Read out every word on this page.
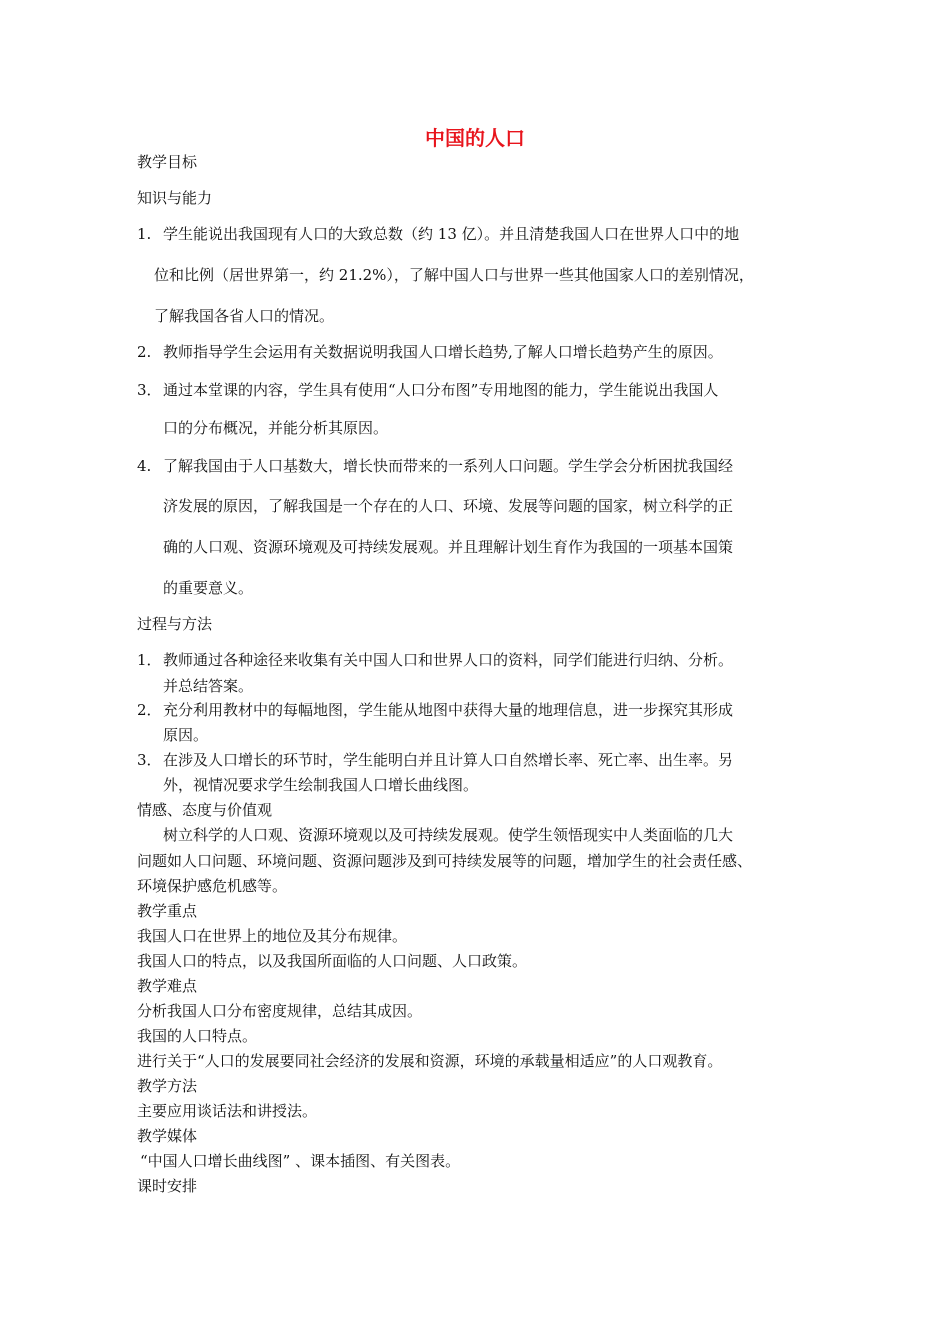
中国的人口
教学目标
知识与能力
1. 学生能说出我国现有人口的大致总数（约 13 亿）。并且清楚我国人口在世界人口中的地
位和比例（居世界第一，约 21.2%），了解中国人口与世界一些其他国家人口的差别情况，
了解我国各省人口的情况。
2. 教师指导学生会运用有关数据说明我国人口增长趋势,了解人口增长趋势产生的原因。
3． 通过本堂课的内容，学生具有使用“人口分布图”专用地图的能力，学生能说出我国人
口的分布概况，并能分析其原因。
4. 了解我国由于人口基数大，增长快而带来的一系列人口问题。学生学会分析困扰我国经
济发展的原因，了解我国是一个存在的人口、环境、发展等问题的国家，树立科学的正
确的人口观、资源环境观及可持续发展观。并且理解计划生育作为我国的一项基本国策
的重要意义。
过程与方法
1． 教师通过各种途径来收集有关中国人口和世界人口的资料，同学们能进行归纳、分析。
并总结答案。
2． 充分利用教材中的每幅地图，学生能从地图中获得大量的地理信息，进一步探究其形成
原因。
3． 在涉及人口增长的环节时，学生能明白并且计算人口自然增长率、死亡率、出生率。另
外，视情况要求学生绘制我国人口增长曲线图。
情感、态度与价值观
树立科学的人口观、资源环境观以及可持续发展观。使学生领悟现实中人类面临的几大
问题如人口问题、环境问题、资源问题涉及到可持续发展等的问题，增加学生的社会责任感、
环境保护感危机感等。
教学重点
我国人口在世界上的地位及其分布规律。
我国人口的特点，以及我国所面临的人口问题、人口政策。
教学难点
分析我国人口分布密度规律，总结其成因。
我国的人口特点。
进行关于“人口的发展要同社会经济的发展和资源，环境的承载量相适应”的人口观教育。
教学方法
主要应用谈话法和讲授法。
教学媒体
“中国人口增长曲线图” 、课本插图、有关图表。
课时安排
